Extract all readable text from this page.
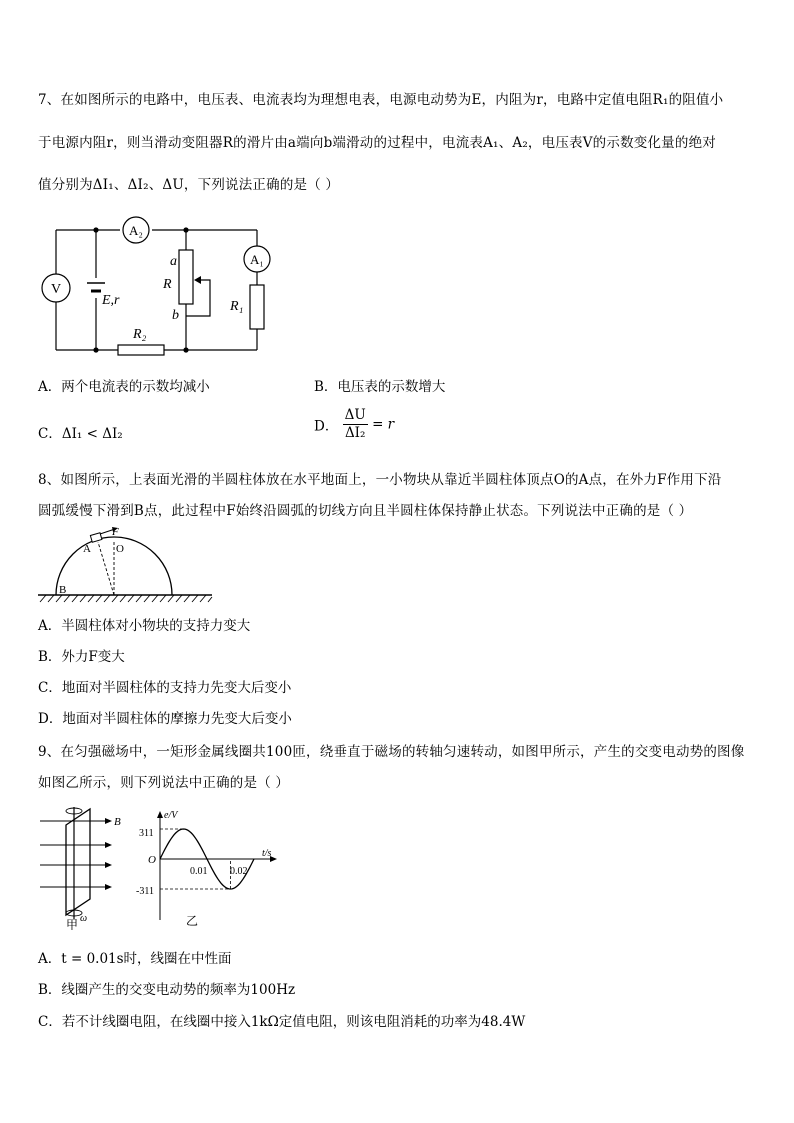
7、在如图所示的电路中，电压表、电流表均为理想电表，电源电动势为E，内阻为r，电路中定值电阻R₁的阻值小
于电源内阻r，则当滑动变阻器R的滑片由a端向b端滑动的过程中，电流表A₁、A₂，电压表V的示数变化量的绝对
值分别为ΔI₁、ΔI₂、ΔU，下列说法正确的是（ ）
A₂
A₁
V
a
R
b
R₁
R₂
E,r
A．两个电流表的示数均减小	B．电压表的示数增大
C．ΔI₁ < ΔI₂	D． $\frac{\Delta U}{\text{ΔI₂}} = r$
8、如图所示，上表面光滑的半圆柱体放在水平地面上，一小物块从靠近半圆柱体顶点O的A点，在外力F作用下沿
圆弧缓慢下滑到B点，此过程中F始终沿圆弧的切线方向且半圆柱体保持静止状态。下列说法中正确的是（ ）
F
A O
B
A．半圆柱体对小物块的支持力变大
B．外力F变大
C．地面对半圆柱体的支持力先变大后变小
D．地面对半圆柱体的摩擦力先变大后变小
9、在匀强磁场中，一矩形金属线圈共100匝，绕垂直于磁场的转轴匀速转动，如图甲所示，产生的交变电动势的图像
如图乙所示，则下列说法中正确的是（ ）
B
ω
甲
e/V
t/s
O
311
-311
0.01 0.02
乙
A．t = 0.01s时，线圈在中性面
B．线圈产生的交变电动势的频率为100Hz
C．若不计线圈电阻，在线圈中接入1kΩ定值电阻，则该电阻消耗的功率为48.4W
